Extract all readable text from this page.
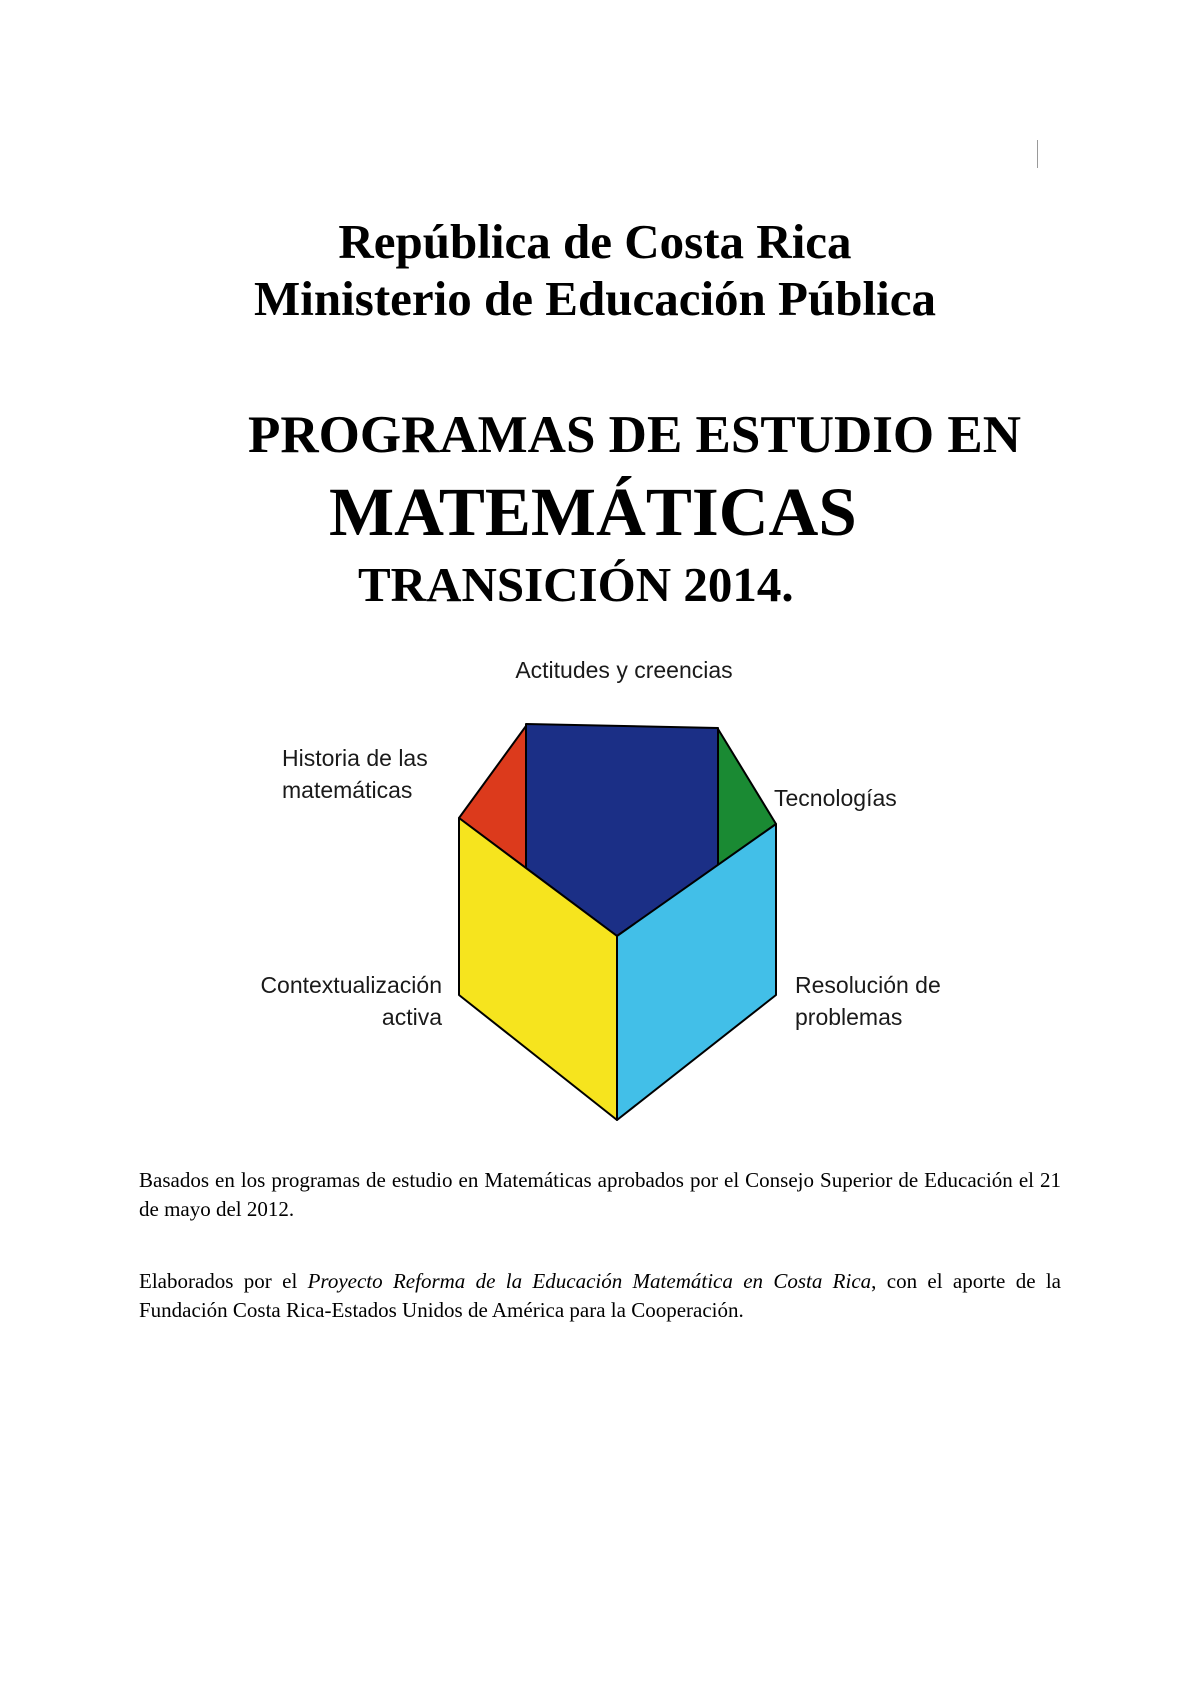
República de Costa Rica
Ministerio de Educación Pública
PROGRAMAS DE ESTUDIO EN
MATEMÁTICAS
TRANSICIÓN 2014.
Actitudes y creencias
Historia de las
matemáticas	Tecnologías
Contextualización
activa
Resolución de
problemas
Basados en los programas de estudio en Matemáticas aprobados por el Consejo Superior de Educación el 21 de mayo del 2012.
Elaborados por el Proyecto Reforma de la Educación Matemática en Costa Rica, con el aporte de la Fundación Costa Rica-Estados Unidos de América para la Cooperación.
